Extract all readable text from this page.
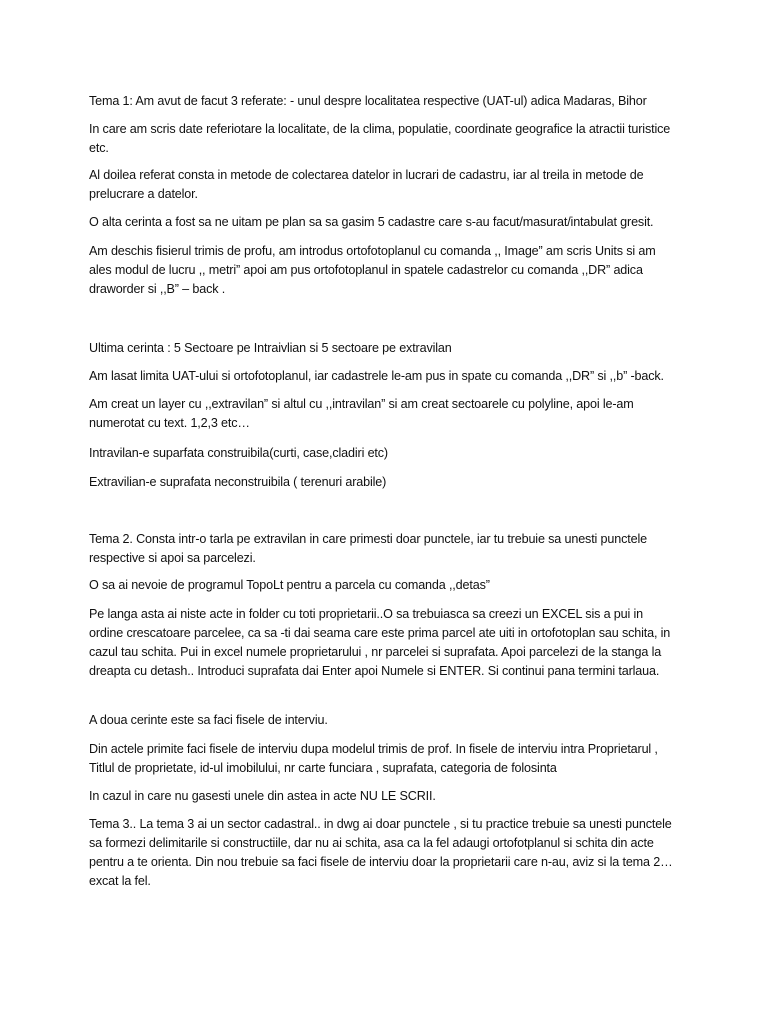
Tema 1: Am avut de facut 3 referate: - unul despre localitatea respective (UAT-ul) adica Madaras, Bihor

In care am scris date referiotare la localitate, de la clima, populatie, coordinate geografice la atractii turistice etc.

Al doilea referat consta in metode de colectarea datelor in lucrari de cadastru, iar al treila in metode de prelucrare a datelor.

O alta cerinta a fost sa ne uitam pe plan sa sa gasim 5 cadastre care s-au facut/masurat/intabulat gresit.

Am deschis fisierul trimis de profu, am introdus ortofotoplanul cu comanda ,, Image” am scris Units si am ales modul de lucru ,, metri” apoi am pus ortofotoplanul in spatele cadastrelor cu comanda ,,DR” adica draworder si ,,B” – back .

Ultima cerinta : 5 Sectoare pe Intraivlian si 5 sectoare pe extravilan

Am lasat limita UAT-ului si ortofotoplanul, iar cadastrele le-am pus in spate cu comanda ,,DR” si ,,b” -back.

Am creat un layer cu ,,extravilan” si altul cu ,,intravilan” si am creat sectoarele cu polyline, apoi le-am numerotat cu text. 1,2,3 etc…

Intravilan-e suparfata construibila(curti, case,cladiri etc)

Extravilian-e suprafata neconstruibila ( terenuri arabile)

Tema 2. Consta intr-o tarla pe extravilan in care primesti doar punctele, iar tu trebuie sa unesti punctele respective si apoi sa parcelezi.

O sa ai nevoie de programul TopoLt pentru a parcela cu comanda ,,detas”

Pe langa asta ai niste acte in folder cu toti proprietarii..O sa trebuiasca sa creezi un EXCEL sis a pui in ordine crescatoare parcelee, ca sa -ti dai seama care este prima parcel ate uiti in ortofotoplan sau schita, in cazul tau schita. Pui in excel numele proprietarului , nr parcelei si suprafata. Apoi parcelezi de la stanga la dreapta cu detash.. Introduci suprafata dai Enter apoi Numele si ENTER. Si continui pana termini tarlaua.

A doua cerinte este sa faci fisele de interviu.

Din actele primite faci fisele de interviu dupa modelul trimis de prof. In fisele de interviu intra Proprietarul , Titlul de proprietate, id-ul imobilului, nr carte funciara , suprafata, categoria de folosinta

In cazul in care nu gasesti unele din astea in acte NU LE SCRII.

Tema 3.. La tema 3 ai un sector cadastral.. in dwg ai doar punctele , si tu practice trebuie sa unesti punctele sa formezi delimitarile si constructiile, dar nu ai schita, asa ca la fel adaugi ortofotplanul si schita din acte pentru a te orienta. Din nou trebuie sa faci fisele de interviu doar la proprietarii care n-au, aviz si la tema 2…excat la fel.
